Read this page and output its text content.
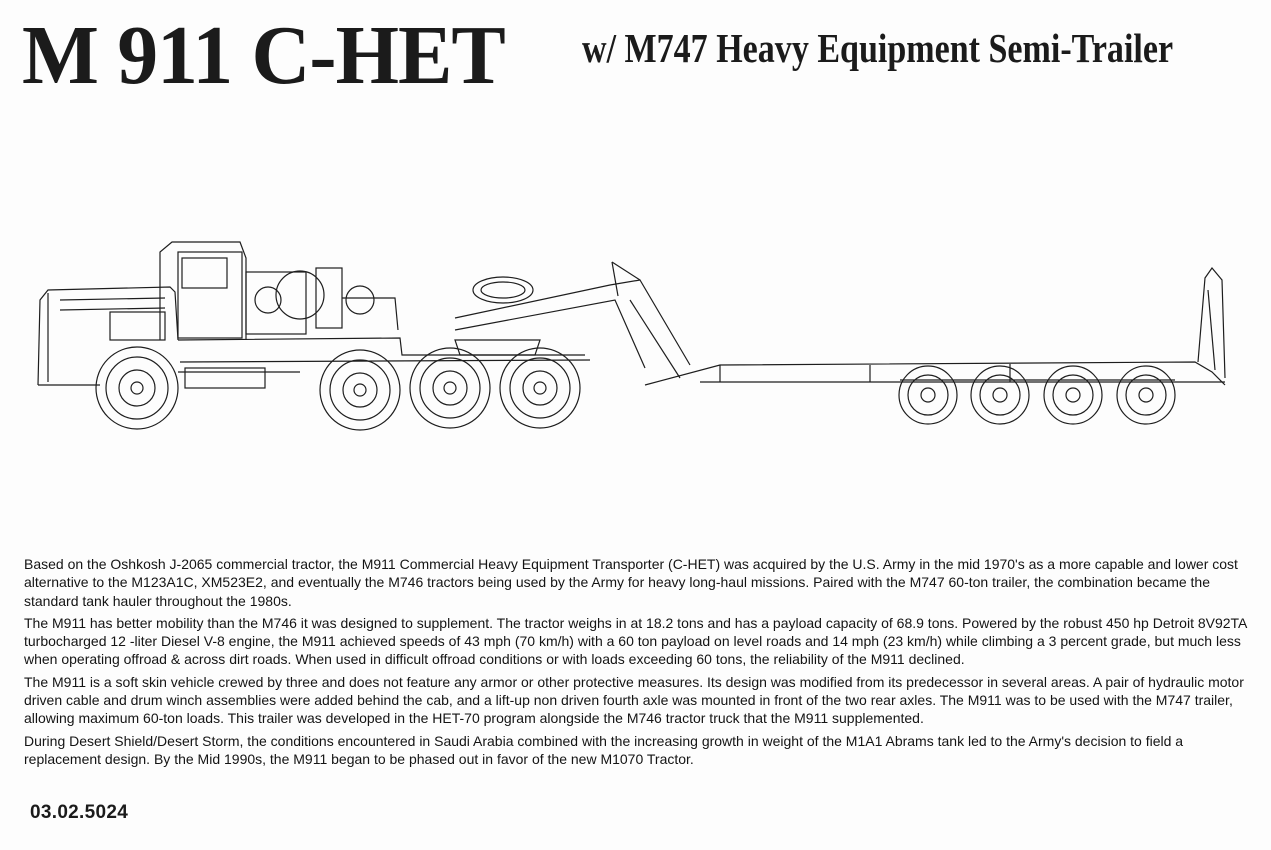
M 911 C-HET w/ M747 Heavy Equipment Semi-Trailer

Based on the Oshkosh J-2065 commercial tractor, the M911 Commercial Heavy Equipment Transporter (C-HET) was acquired by the U.S. Army in the mid 1970's as a more capable and lower cost alternative to the M123A1C, XM523E2, and eventually the M746 tractors being used by the Army for heavy long-haul missions. Paired with the M747 60-ton trailer, the combination became the standard tank hauler throughout the 1980s.

The M911 has better mobility than the M746 it was designed to supplement. The tractor weighs in at 18.2 tons and has a payload capacity of 68.9 tons. Powered by the robust 450 hp Detroit 8V92TA turbocharged 12 -liter Diesel V-8 engine, the M911 achieved speeds of 43 mph (70 km/h) with a 60 ton payload on level roads and 14 mph (23 km/h) while climbing a 3 percent grade, but much less when operating offroad & across dirt roads. When used in difficult offroad conditions or with loads exceeding 60 tons, the reliability of the M911 declined.

The M911 is a soft skin vehicle crewed by three and does not feature any armor or other protective measures. Its design was modified from its predecessor in several areas. A pair of hydraulic motor driven cable and drum winch assemblies were added behind the cab, and a lift-up non driven fourth axle was mounted in front of the two rear axles. The M911 was to be used with the M747 trailer, allowing maximum 60-ton loads. This trailer was developed in the HET-70 program alongside the M746 tractor truck that the M911 supplemented.

During Desert Shield/Desert Storm, the conditions encountered in Saudi Arabia combined with the increasing growth in weight of the M1A1 Abrams tank led to the Army's decision to field a replacement design. By the Mid 1990s, the M911 began to be phased out in favor of the new M1070 Tractor.

03.02.5024
